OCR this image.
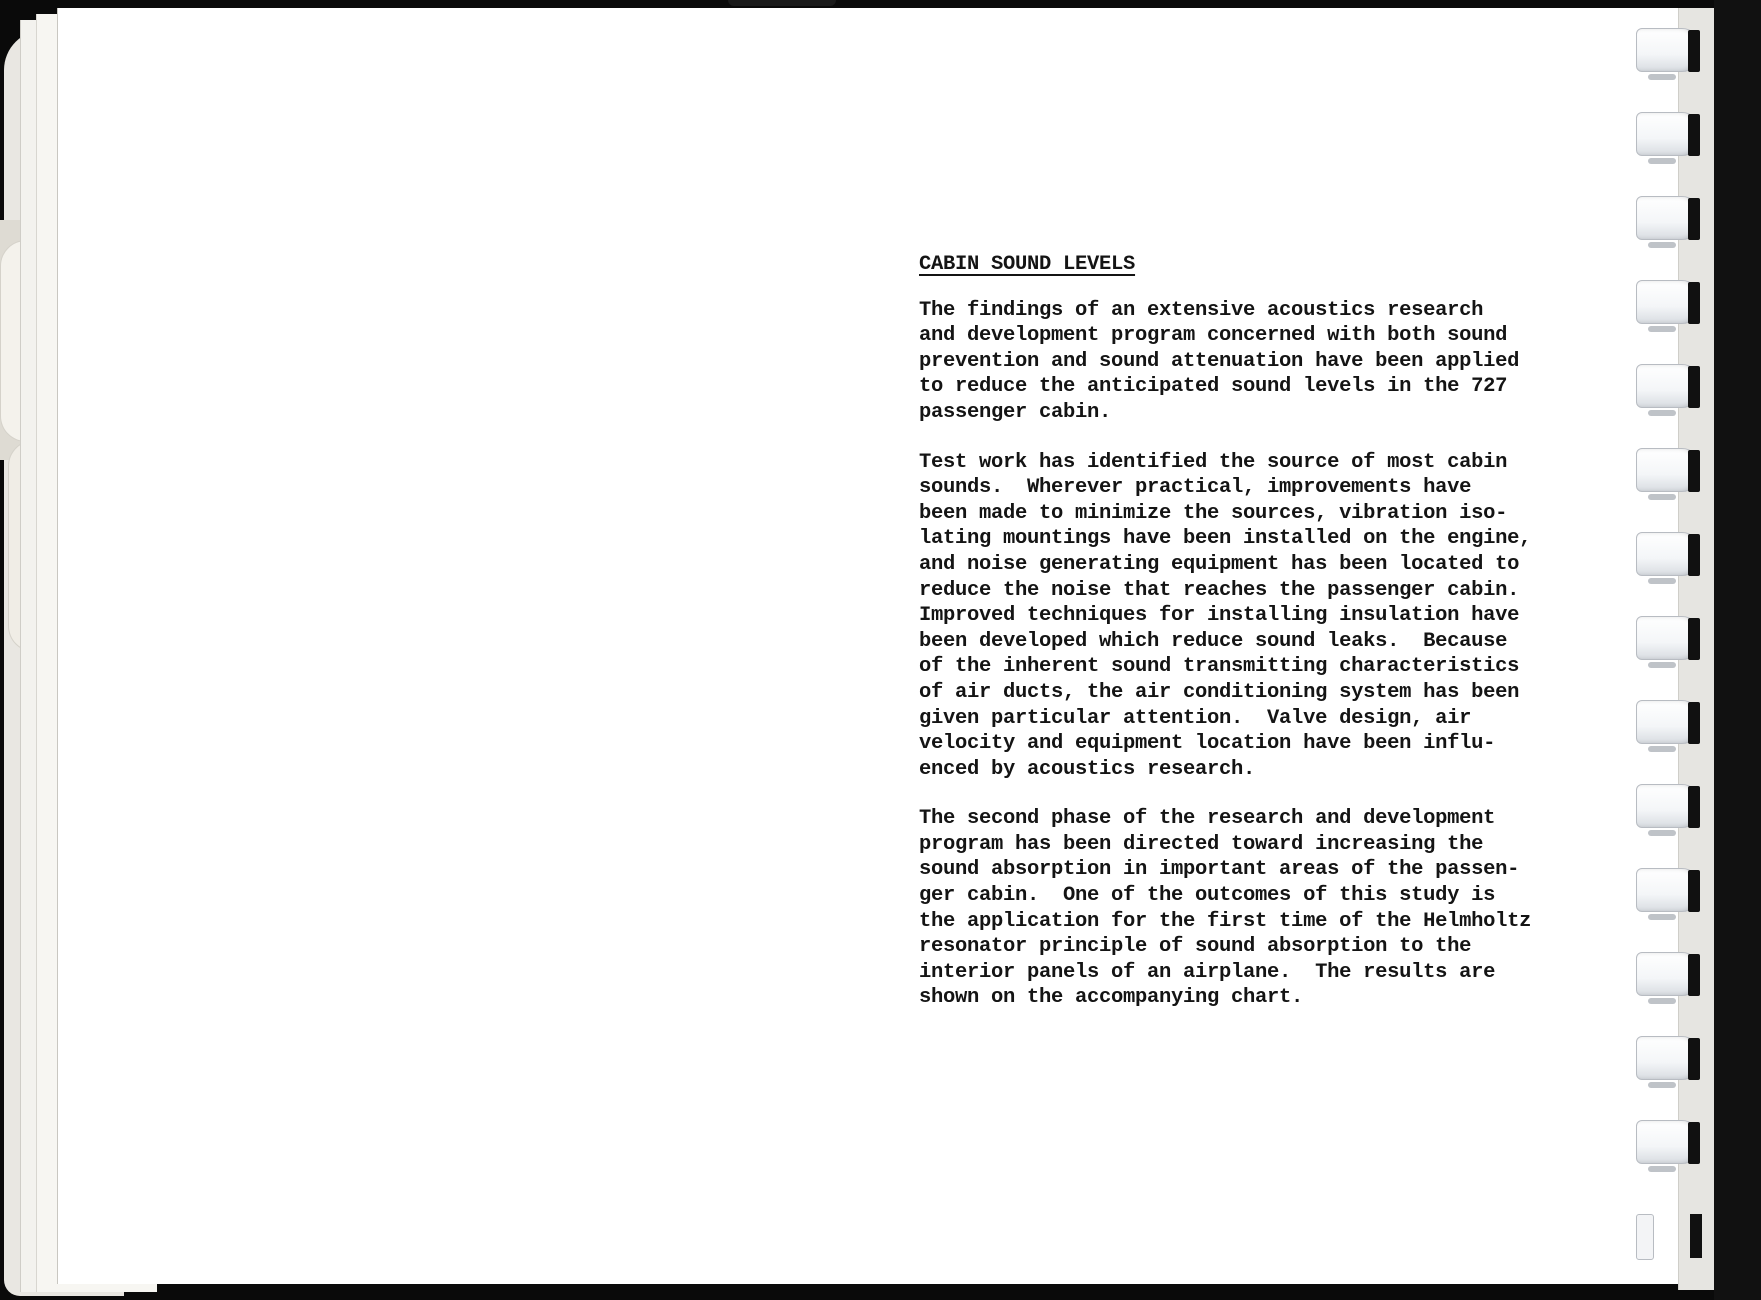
CABIN SOUND LEVELS
The findings of an extensive acoustics research
and development program concerned with both sound
prevention and sound attenuation have been applied
to reduce the anticipated sound levels in the 727
passenger cabin.
Test work has identified the source of most cabin
sounds.  Wherever practical, improvements have
been made to minimize the sources, vibration iso-
lating mountings have been installed on the engine,
and noise generating equipment has been located to
reduce the noise that reaches the passenger cabin.
Improved techniques for installing insulation have
been developed which reduce sound leaks.  Because
of the inherent sound transmitting characteristics
of air ducts, the air conditioning system has been
given particular attention.  Valve design, air
velocity and equipment location have been influ-
enced by acoustics research.
The second phase of the research and development
program has been directed toward increasing the
sound absorption in important areas of the passen-
ger cabin.  One of the outcomes of this study is
the application for the first time of the Helmholtz
resonator principle of sound absorption to the
interior panels of an airplane.  The results are
shown on the accompanying chart.
